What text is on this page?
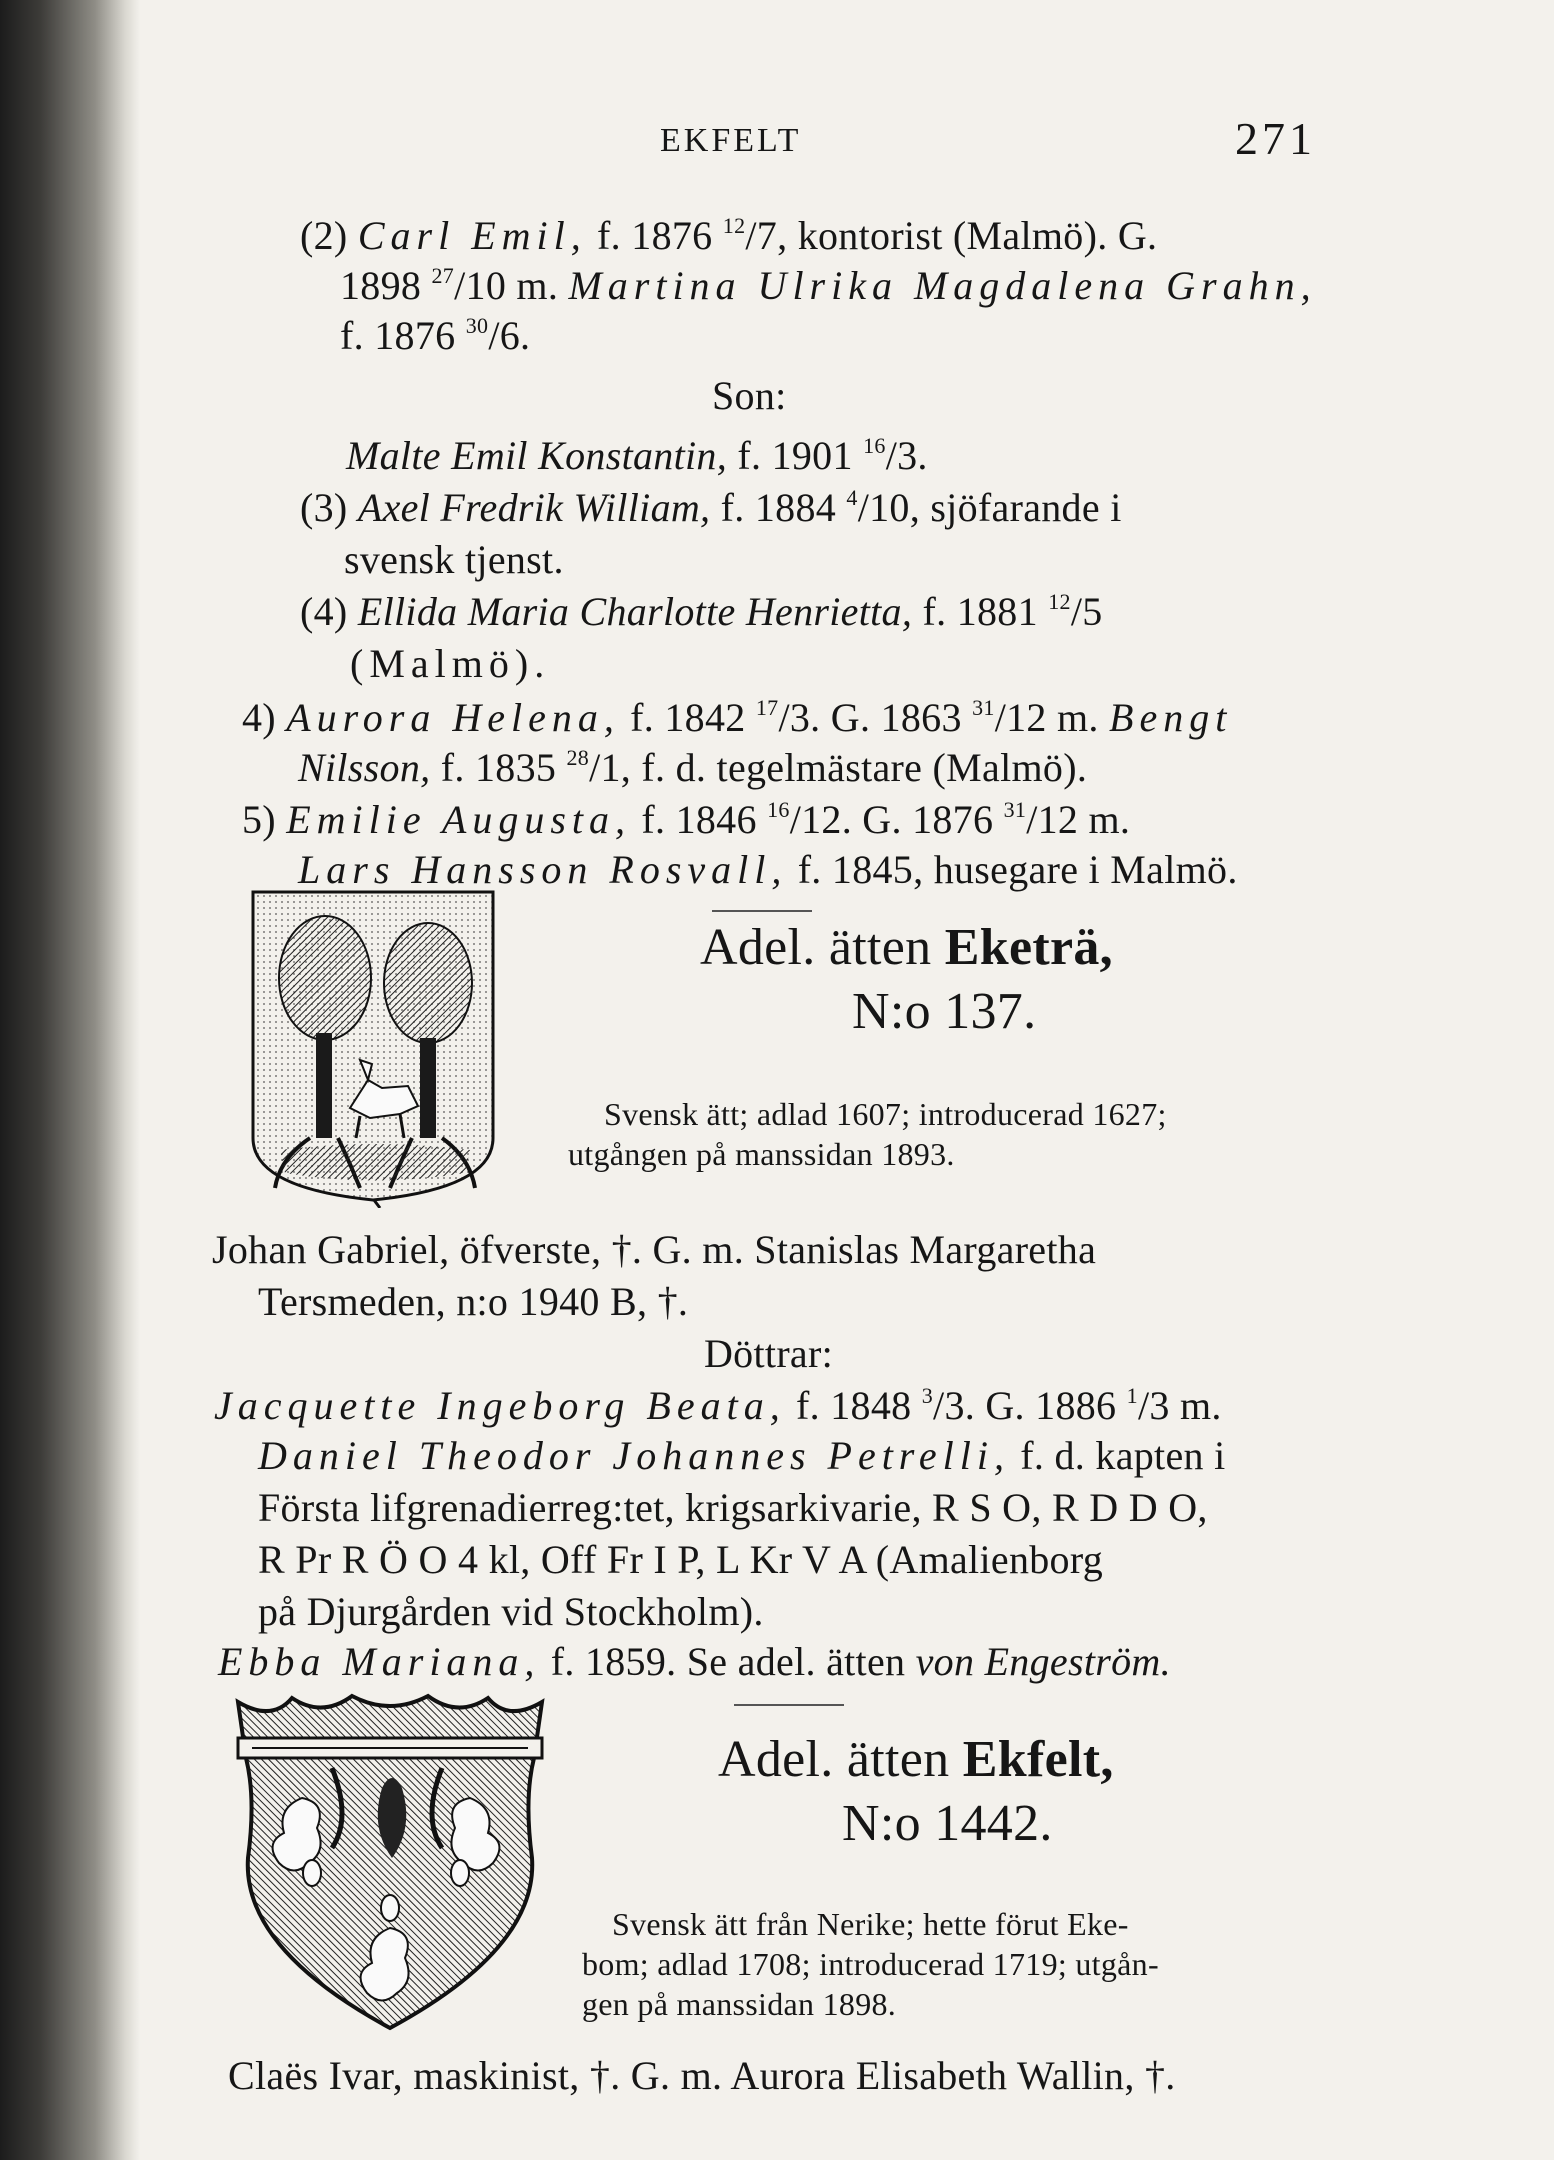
EKFELT	271
(2) Carl Emil, f. 1876 $^{12}$/7, kontorist (Malmö). G.
1898 $^{27}$/10 m. Martina Ulrika Magdalena Grahn,
f. 1876 $^{30}$/6.
Son:
Malte Emil Konstantin, f. 1901 $^{16}$/3.
(3) Axel Fredrik William, f. 1884 $^4$/10, sjöfarande i
svensk tjenst.
(4) Ellida Maria Charlotte Henrietta, f. 1881 $^{12}$/5
(Malmö).
4) Aurora Helena, f. 1842 $^{17}$/3. G. 1863 $^{31}$/12 m. Bengt
Nilsson, f. 1835 $^{28}$/1, f. d. tegelmästare (Malmö).
5) Emilie Augusta, f. 1846 $^{16}$/12. G. 1876 $^{31}$/12 m.
Lars Hansson Rosvall, f. 1845, husegare i Malmö.
Adel. ätten Eketrä,
N:o 137.
Svensk ätt; adlad 1607; introducerad 1627;
utgången på manssidan 1893.
Johan Gabriel, öfverste, †. G. m. Stanislas Margaretha
Tersmeden, n:o 1940 B, †.
Döttrar:
Jacquette Ingeborg Beata, f. 1848 $^3$/3. G. 1886 $^1$/3 m.
Daniel Theodor Johannes Petrelli, f. d. kapten i
Första lifgrenadierreg:tet, krigsarkivarie, R S O, R D D O,
R Pr R Ö O 4 kl, Off Fr I P, L Kr V A (Amalienborg
på Djurgården vid Stockholm).
Ebba Mariana, f. 1859. Se adel. ätten von Engeström.
Adel. ätten Ekfelt,
N:o 1442.
Svensk ätt från Nerike; hette förut Eke-
bom; adlad 1708; introducerad 1719; utgån-
gen på manssidan 1898.
Claës Ivar, maskinist, †. G. m. Aurora Elisabeth Wallin, †.
